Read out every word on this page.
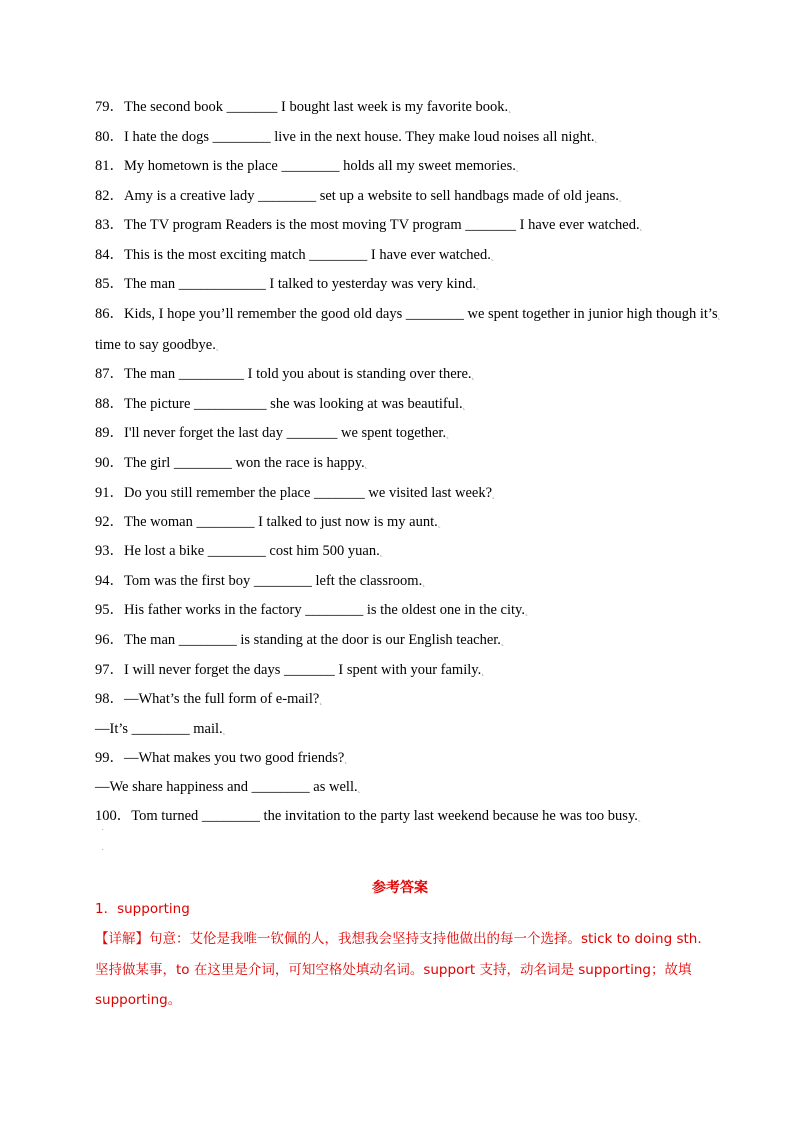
79．The second book _______ I bought last week is my favorite book.˛
80．I hate the dogs ________ live in the next house. They make loud noises all night.˛
81．My hometown is the place ________ holds all my sweet memories.˛
82．Amy is a creative lady ________ set up a website to sell handbags made of old jeans.˛
83．The TV program Readers is the most moving TV program _______ I have ever watched.˛
84．This is the most exciting match ________ I have ever watched.˛
85．The man ____________ I talked to yesterday was very kind.˛
86．Kids, I hope you’ll remember the good old days ________ we spent together in junior high though it’s˛
time to say goodbye.˛
87．The man _________ I told you about is standing over there.˛
88．The picture __________ she was looking at was beautiful.˛
89．I'll never forget the last day _______ we spent together.˛
90．The girl ________ won the race is happy.˛
91．Do you still remember the place _______ we visited last week?˛
92．The woman ________ I talked to just now is my aunt.˛
93．He lost a bike ________ cost him 500 yuan.˛
94．Tom was the first boy ________ left the classroom.˛
95．His father works in the factory ________ is the oldest one in the city.˛
96．The man ________ is standing at the door is our English teacher.˛
97．I will never forget the days _______ I spent with your family.˛
98．—What’s the full form of e-mail?˛
—It’s ________ mail.˛
99．—What makes you two good friends?˛
—We share happiness and ________ as well.˛
100．Tom turned ________ the invitation to the party last weekend because he was too busy.˛
˙
˙
参考答案
1．supporting
【详解】句意：艾伦是我唯一钦佩的人，我想我会坚持支持他做出的每一个选择。stick to doing sth.
坚持做某事，to 在这里是介词，可知空格处填动名词。support 支持，动名词是 supporting；故填
supporting。
